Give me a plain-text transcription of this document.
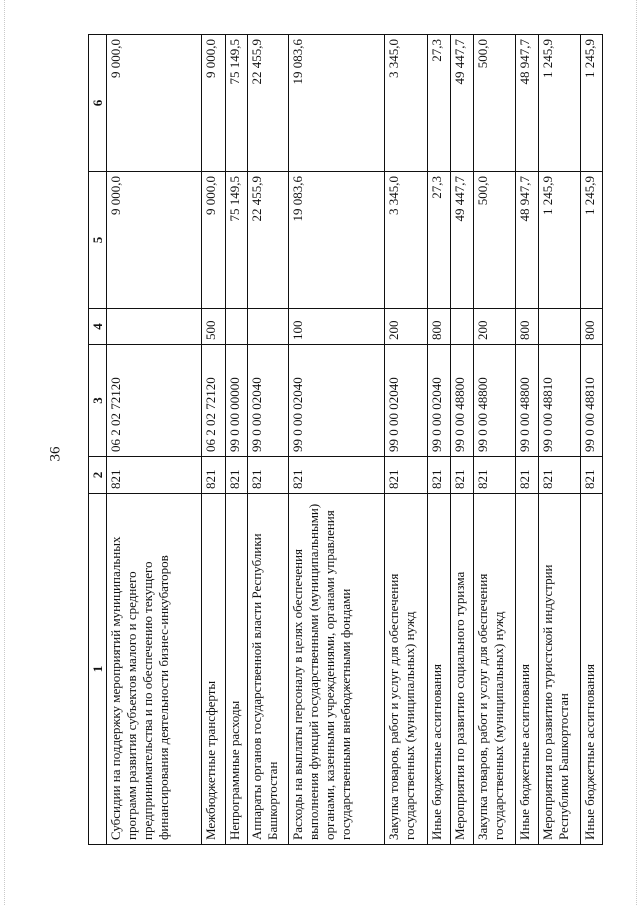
36
1	2	3	4	5	6
Субсидии на поддержку мероприятий муниципальных программ развития субъектов малого и среднего предпринимательства и по обеспечению текущего финансирования деятельности бизнес-инкубаторов	821	06 2 02 72120		9 000,0	9 000,0
Межбюджетные трансферты	821	06 2 02 72120	500	9 000,0	9 000,0
Непрограммные расходы	821	99 0 00 00000		75 149,5	75 149,5
Аппараты органов государственной власти Республики Башкортостан	821	99 0 00 02040		22 455,9	22 455,9
Расходы на выплаты персоналу в целях обеспечения выполнения функций государственными (муниципальными) органами, казенными учреждениями, органами управления государственными внебюджетными фондами	821	99 0 00 02040	100	19 083,6	19 083,6
Закупка товаров, работ и услуг для обеспечения государственных (муниципальных) нужд	821	99 0 00 02040	200	3 345,0	3 345,0
Иные бюджетные ассигнования	821	99 0 00 02040	800	27,3	27,3
Мероприятия по развитию социального туризма	821	99 0 00 48800		49 447,7	49 447,7
Закупка товаров, работ и услуг для обеспечения государственных (муниципальных) нужд	821	99 0 00 48800	200	500,0	500,0
Иные бюджетные ассигнования	821	99 0 00 48800	800	48 947,7	48 947,7
Мероприятия по развитию туристской индустрии Республики Башкортостан	821	99 0 00 48810		1 245,9	1 245,9
Иные бюджетные ассигнования	821	99 0 00 48810	800	1 245,9	1 245,9
